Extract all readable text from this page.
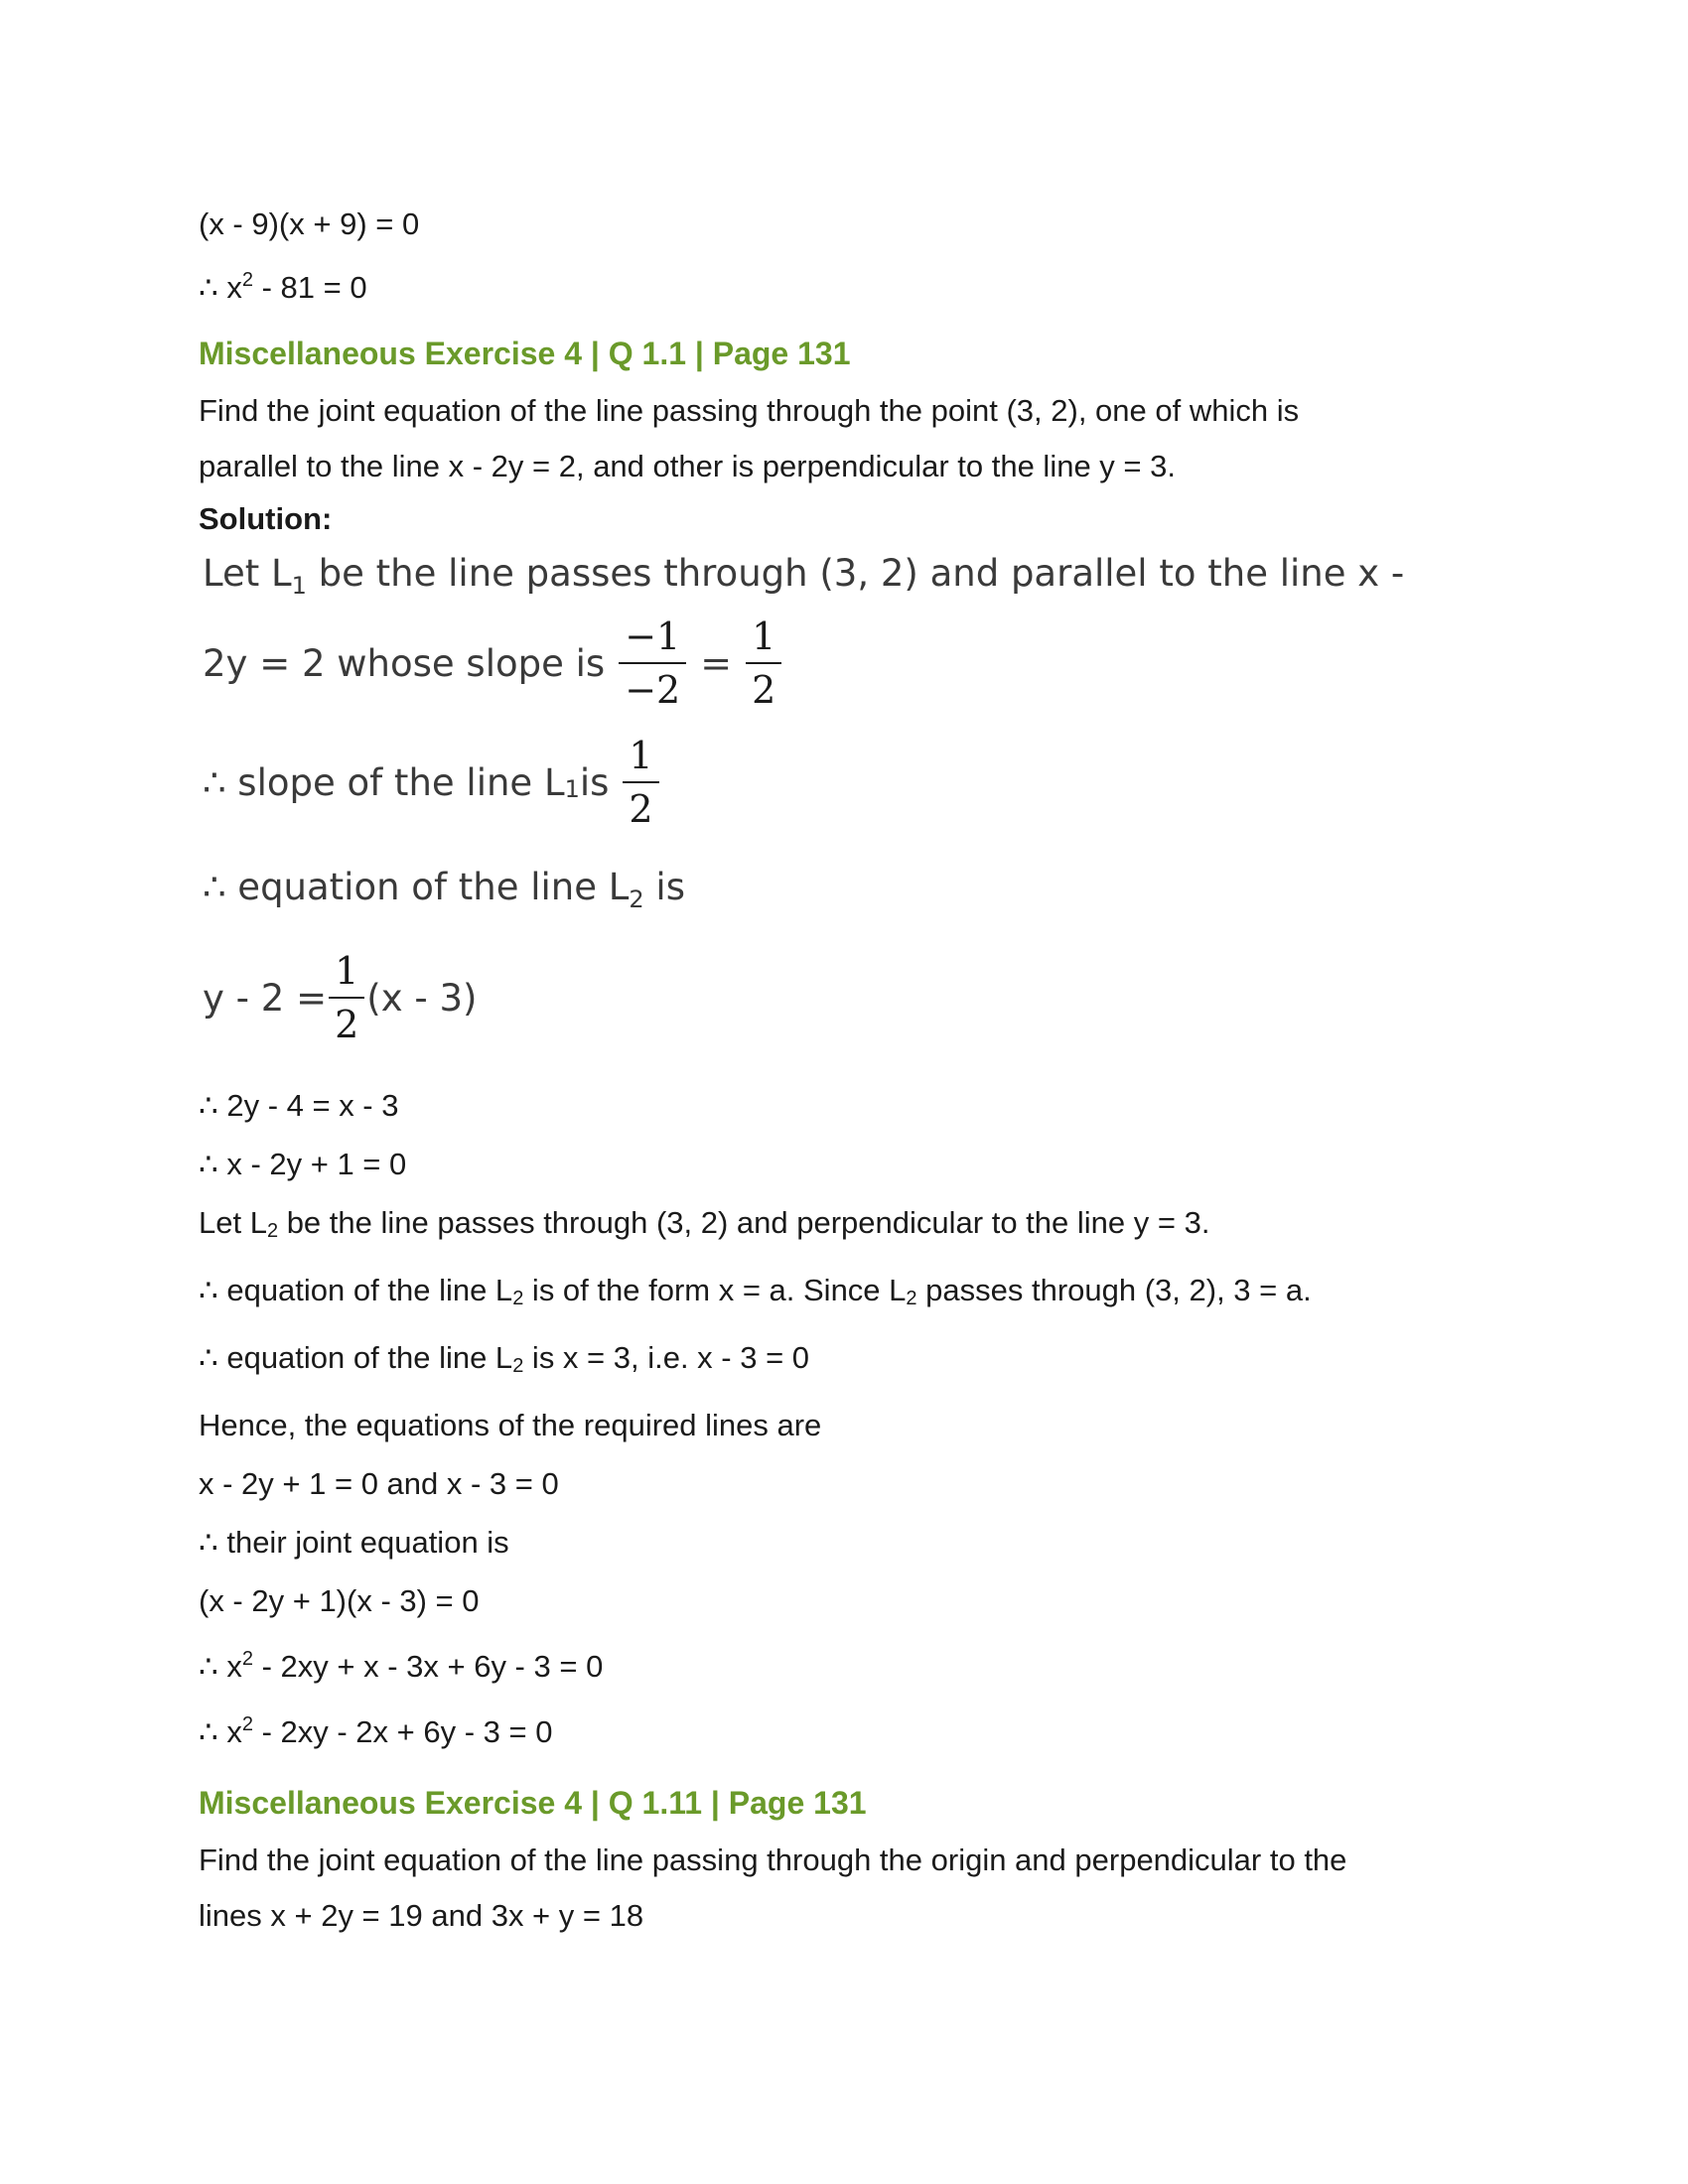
(x - 9)(x + 9) = 0
∴ $x^2 - 81 = 0$
Miscellaneous Exercise 4 | Q 1.1 | Page 131
Find the joint equation of the line passing through the point (3, 2), one of which is
parallel to the line x - 2y = 2, and other is perpendicular to the line y = 3.
Solution:
Let $L_1$ be the line passes through (3, 2) and parallel to the line x -
2y = 2 whose slope is $\frac{-1}{-2} = \frac{1}{2}$
∴ slope of the line L 1 is $\frac{1}{2}$
∴ equation of the line $L_2$ is
$y - 2 = \frac{1}{2} (x - 3)$
∴ 2y - 4 = x - 3
∴ x - 2y + 1 = 0
Let $L_2$ be the line passes through (3, 2) and perpendicular to the line y = 3.
∴ equation of the line $L_2$ is of the form x = a. Since $L_2$ passes through (3, 2), 3 = a.
∴ equation of the line $L_2$ is x = 3, i.e. x - 3 = 0
Hence, the equations of the required lines are
x - 2y + 1 = 0 and x - 3 = 0
∴ their joint equation is
(x - 2y + 1)(x - 3) = 0
∴ $x^2 - 2xy + x - 3x + 6y - 3 = 0$
∴ $x^2 - 2xy - 2x + 6y - 3 = 0$
Miscellaneous Exercise 4 | Q 1.11 | Page 131
Find the joint equation of the line passing through the origin and perpendicular to the
lines x + 2y = 19 and 3x + y = 18
